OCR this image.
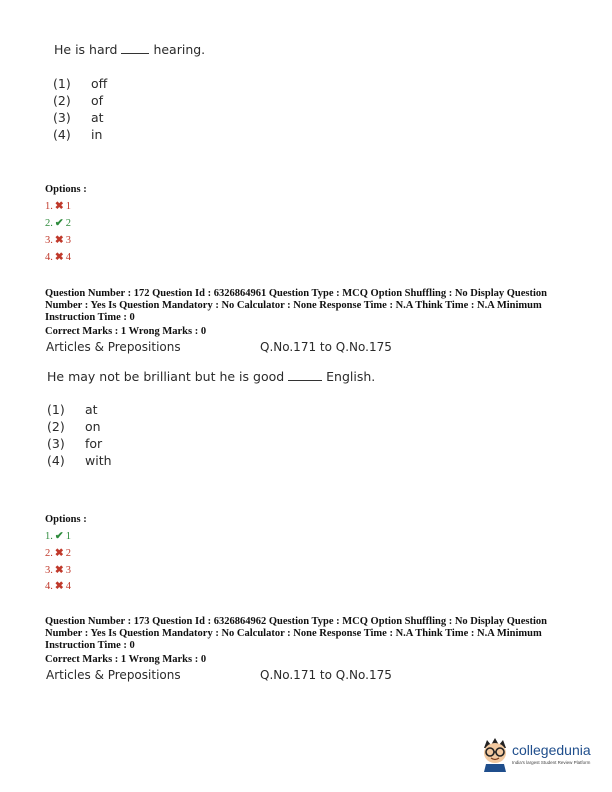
He is hard	hearing.
(1) off
(2) of
(3) at
(4) in
Options :
1. ✖ 1
2. ✔ 2
3. ✖ 3
4. ✖ 4
Question Number : 172 Question Id : 6326864961 Question Type : MCQ Option Shuffling : No Display Question
Number : Yes Is Question Mandatory : No Calculator : None Response Time : N.A Think Time : N.A Minimum
Instruction Time : 0
Correct Marks : 1 Wrong Marks : 0
Articles & Prepositions	Q.No.171 to Q.No.175
He may not be brilliant but he is good	English.
(1) at
(2) on
(3) for
(4) with
Options :
1. ✔ 1
2. ✖ 2
3. ✖ 3
4. ✖ 4
Question Number : 173 Question Id : 6326864962 Question Type : MCQ Option Shuffling : No Display Question
Number : Yes Is Question Mandatory : No Calculator : None Response Time : N.A Think Time : N.A Minimum
Instruction Time : 0
Correct Marks : 1 Wrong Marks : 0
Articles & Prepositions	Q.No.171 to Q.No.175
collegedunia
India's largest Student Review Platform
